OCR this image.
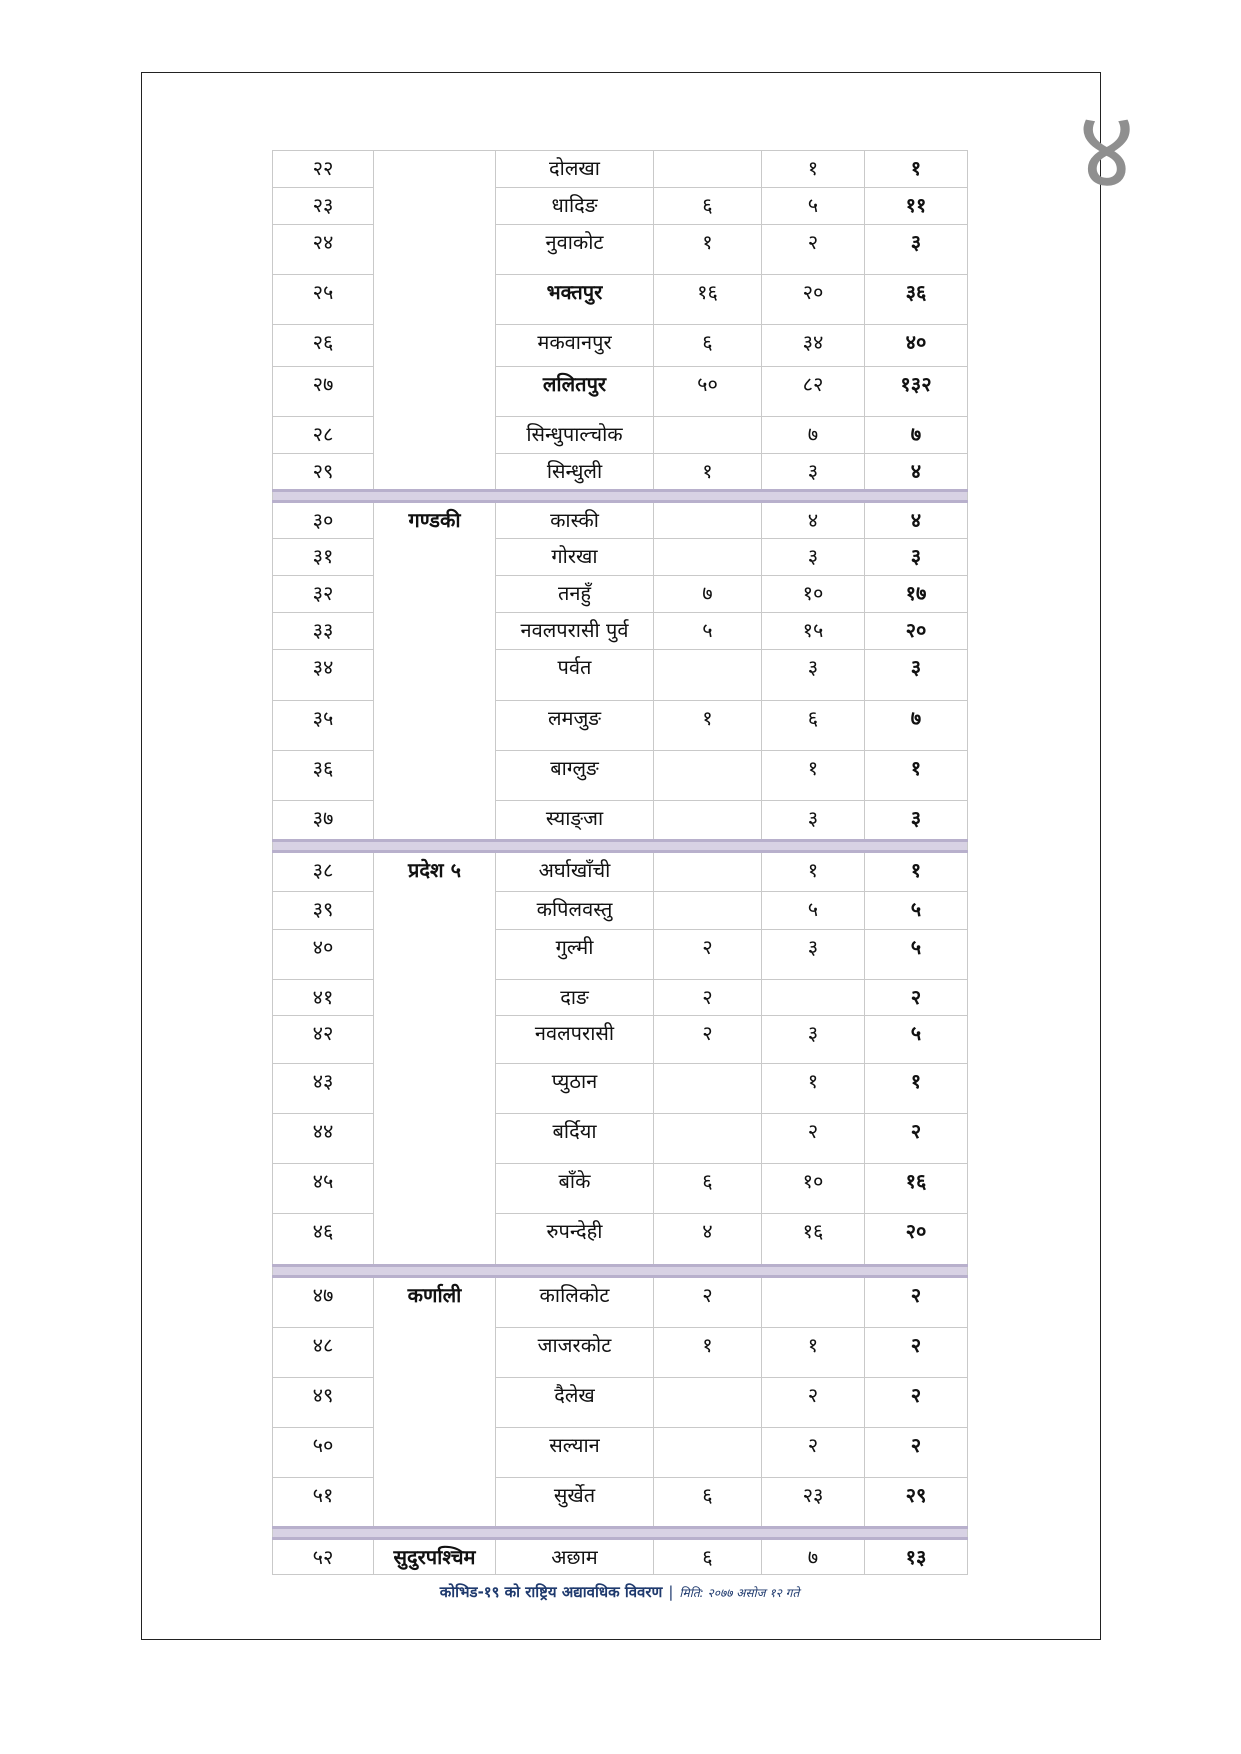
४
२२		दोलखा		१	१
२३		धादिङ	६	५	११
२४		नुवाकोट	१	२	३
२५		भक्तपुर	१६	२०	३६
२६		मकवानपुर	६	३४	४०
२७		ललितपुर	५०	८२	१३२
२८		सिन्धुपाल्चोक		७	७
२९		सिन्धुली	१	३	४

३०	गण्डकी	कास्की		४	४
३१		गोरखा		३	३
३२		तनहुँ	७	१०	१७
३३		नवलपरासी पुर्व	५	१५	२०
३४		पर्वत		३	३
३५		लमजुङ	१	६	७
३६		बाग्लुङ		१	१
३७		स्याङ्जा		३	३

३८	प्रदेश ५	अर्घाखाँची		१	१
३९		कपिलवस्तु		५	५
४०		गुल्मी	२	३	५
४१		दाङ	२		२
४२		नवलपरासी	२	३	५
४३		प्युठान		१	१
४४		बर्दिया		२	२
४५		बाँके	६	१०	१६
४६		रुपन्देही	४	१६	२०

४७	कर्णाली	कालिकोट	२		२
४८		जाजरकोट	१	१	२
४९		दैलेख		२	२
५०		सल्यान		२	२
५१		सुर्खेत	६	२३	२९

५२	सुदुरपश्चिम	अछाम	६	७	१३
कोभिड-१९ को राष्ट्रिय अद्यावधिक विवरण | मिति: २०७७ असोज १२ गते
